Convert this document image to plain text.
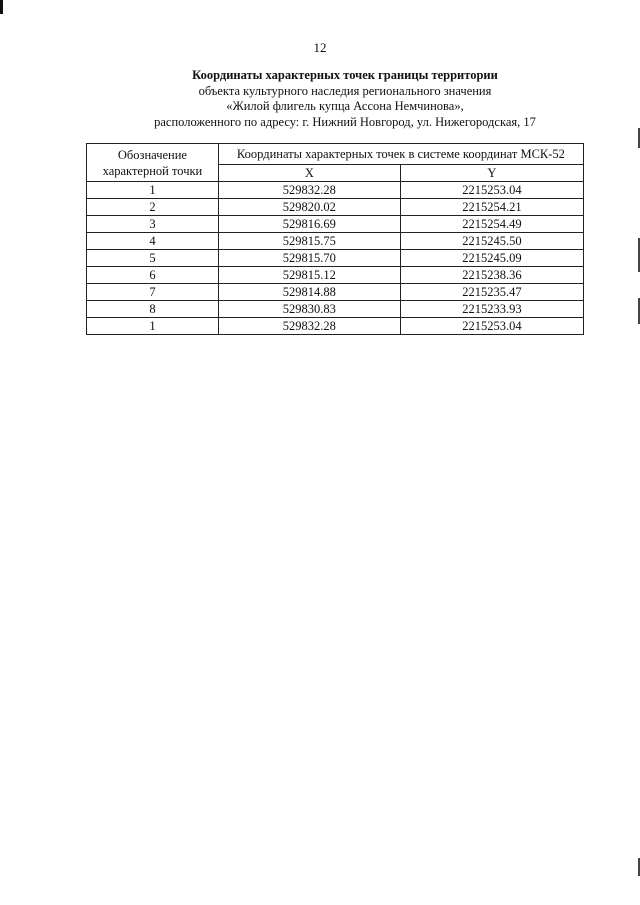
12
Координаты характерных точек границы территории
объекта культурного наследия регионального значения
«Жилой флигель купца Ассона Немчинова»,
расположенного по адресу: г. Нижний Новгород, ул. Нижегородская, 17
Обозначение характерной точки	Координаты характерных точек в системе координат МСК-52	
	X	Y
1	529832.28	2215253.04
2	529820.02	2215254.21
3	529816.69	2215254.49
4	529815.75	2215245.50
5	529815.70	2215245.09
6	529815.12	2215238.36
7	529814.88	2215235.47
8	529830.83	2215233.93
1	529832.28	2215253.04
